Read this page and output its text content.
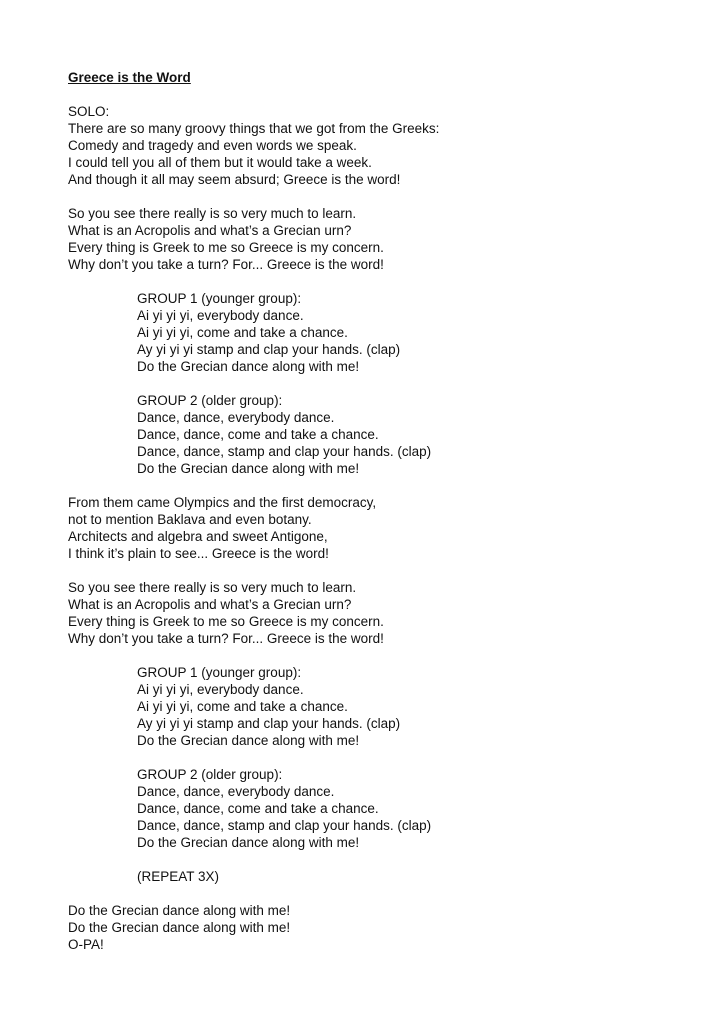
Greece is the Word
SOLO:
There are so many groovy things that we got from the Greeks:
Comedy and tragedy and even words we speak.
I could tell you all of them but it would take a week.
And though it all may seem absurd; Greece is the word!
So you see there really is so very much to learn.
What is an Acropolis and what’s a Grecian urn?
Every thing is Greek to me so Greece is my concern.
Why don’t you take a turn? For... Greece is the word!
GROUP 1 (younger group):
Ai yi yi yi, everybody dance.
Ai yi yi yi, come and take a chance.
Ay yi yi yi stamp and clap your hands. (clap)
Do the Grecian dance along with me!
GROUP 2 (older group):
Dance, dance, everybody dance.
Dance, dance, come and take a chance.
Dance, dance, stamp and clap your hands. (clap)
Do the Grecian dance along with me!
From them came Olympics and the first democracy,
not to mention Baklava and even botany.
Architects and algebra and sweet Antigone,
I think it’s plain to see... Greece is the word!
So you see there really is so very much to learn.
What is an Acropolis and what’s a Grecian urn?
Every thing is Greek to me so Greece is my concern.
Why don’t you take a turn? For... Greece is the word!
GROUP 1 (younger group):
Ai yi yi yi, everybody dance.
Ai yi yi yi, come and take a chance.
Ay yi yi yi stamp and clap your hands. (clap)
Do the Grecian dance along with me!
GROUP 2 (older group):
Dance, dance, everybody dance.
Dance, dance, come and take a chance.
Dance, dance, stamp and clap your hands. (clap)
Do the Grecian dance along with me!
(REPEAT 3X)
Do the Grecian dance along with me!
Do the Grecian dance along with me!
O-PA!
